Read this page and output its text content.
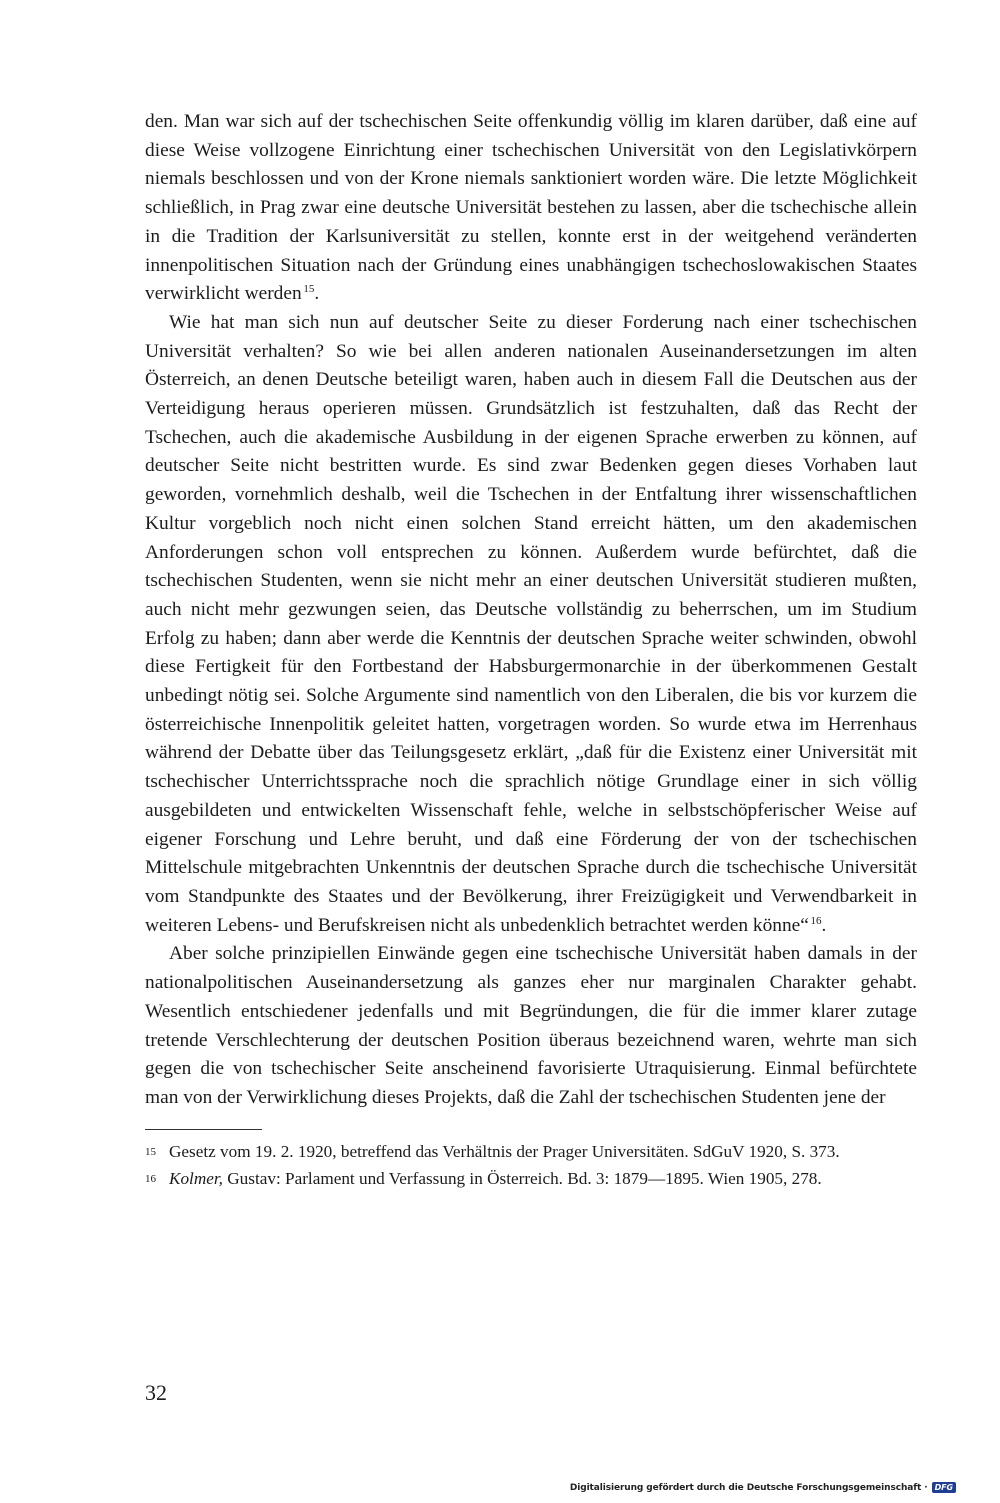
den. Man war sich auf der tschechischen Seite offenkundig völlig im klaren darüber, daß eine auf diese Weise vollzogene Einrichtung einer tschechischen Universität von den Legislativkörpern niemals beschlossen und von der Krone niemals sanktioniert worden wäre. Die letzte Möglichkeit schließlich, in Prag zwar eine deutsche Universität bestehen zu lassen, aber die tschechische allein in die Tradition der Karlsuniversität zu stellen, konnte erst in der weitgehend veränderten innenpolitischen Situation nach der Gründung eines unabhängigen tschechoslowakischen Staates verwirklicht werden  $^{15}$.

Wie hat man sich nun auf deutscher Seite zu dieser Forderung nach einer tschechischen Universität verhalten? So wie bei allen anderen nationalen Auseinandersetzungen im alten Österreich, an denen Deutsche beteiligt waren, haben auch in diesem Fall die Deutschen aus der Verteidigung heraus operieren müssen. Grundsätzlich ist festzuhalten, daß das Recht der Tschechen, auch die akademische Ausbildung in der eigenen Sprache erwerben zu können, auf deutscher Seite nicht bestritten wurde. Es sind zwar Bedenken gegen dieses Vorhaben laut geworden, vornehmlich deshalb, weil die Tschechen in der Entfaltung ihrer wissenschaftlichen Kultur vorgeblich noch nicht einen solchen Stand erreicht hätten, um den akademischen Anforderungen schon voll entsprechen zu können. Außerdem wurde befürchtet, daß die tschechischen Studenten, wenn sie nicht mehr an einer deutschen Universität studieren mußten, auch nicht mehr gezwungen seien, das Deutsche vollständig zu beherrschen, um im Studium Erfolg zu haben; dann aber werde die Kenntnis der deutschen Sprache weiter schwinden, obwohl diese Fertigkeit für den Fortbestand der Habsburgermonarchie in der überkommenen Gestalt unbedingt nötig sei. Solche Argumente sind namentlich von den Liberalen, die bis vor kurzem die österreichische Innenpolitik geleitet hatten, vorgetragen worden. So wurde etwa im Herrenhaus während der Debatte über das Teilungsgesetz erklärt, „daß für die Existenz einer Universität mit tschechischer Unterrichtssprache noch die sprachlich nötige Grundlage einer in sich völlig ausgebildeten und entwickelten Wissenschaft fehle, welche in selbstschöpferischer Weise auf eigener Forschung und Lehre beruht, und daß eine Förderung der von der tschechischen Mittelschule mitgebrachten Unkenntnis der deutschen Sprache durch die tschechische Universität vom Standpunkte des Staates und der Bevölkerung, ihrer Freizügigkeit und Verwendbarkeit in weiteren Lebens- und Berufskreisen nicht als unbedenklich betrachtet werden könne“  $^{16}$.

Aber solche prinzipiellen Einwände gegen eine tschechische Universität haben damals in der nationalpolitischen Auseinandersetzung als ganzes eher nur marginalen Charakter gehabt. Wesentlich entschiedener jedenfalls und mit Begründungen, die für die immer klarer zutage tretende Verschlechterung der deutschen Position überaus bezeichnend waren, wehrte man sich gegen die von tschechischer Seite anscheinend favorisierte Utraquisierung. Einmal befürchtete man von der Verwirklichung dieses Projekts, daß die Zahl der tschechischen Studenten jene der

15 Gesetz vom 19. 2. 1920, betreffend das Verhältnis der Prager Universitäten. SdGuV 1920, S. 373.
16 Kolmer, Gustav: Parlament und Verfassung in Österreich. Bd. 3: 1879—1895. Wien 1905, 278.
32
Digitalisierung gefördert durch die Deutsche Forschungsgemeinschaft · DFG
